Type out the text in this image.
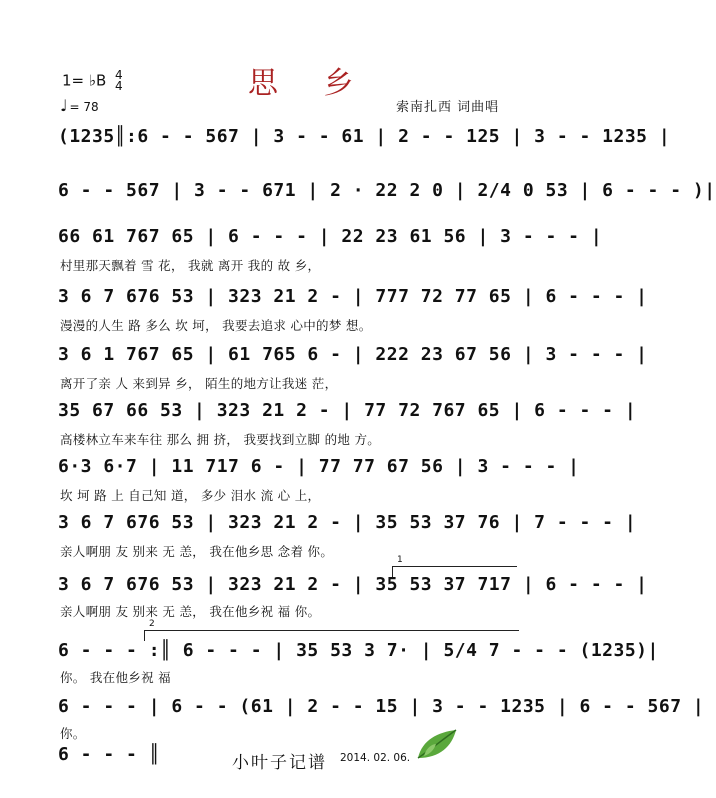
1= ♭B 4
4
♩ = 78
思 乡
索南扎西 词曲唱
1
2
(1235║:6 - - 567 | 3 - - 61 | 2 - - 125 | 3 - - 1235 |
6 - - 567 | 3 - - 671 | 2 · 22 2 0 | 2/4 0 53 | 6 - - - )|
66 61 767 65 | 6 - - - | 22 23 61 56 | 3 - - - |
村里那天飘着 雪 花， 我就 离开 我的 故 乡，
3 6 7 676 53 | 323 21 2 - | 777 72 77 65 | 6 - - - |
漫漫的人生 路 多么 坎 坷， 我要去追求 心中的梦 想。
3 6 1 767 65 | 61 765 6 - | 222 23 67 56 | 3 - - - |
离开了亲 人 来到异 乡， 陌生的地方让我迷 茫，
35 67 66 53 | 323 21 2 - | 77 72 767 65 | 6 - - - |
高楼林立车来车往 那么 拥 挤， 我要找到立脚 的地 方。
6·3 6·7 | 11 717 6 - | 77 77 67 56 | 3 - - - |
坎 坷 路 上 自己知 道， 多少 泪水 流 心 上，
3 6 7 676 53 | 323 21 2 - | 35 53 37 76 | 7 - - - |
亲人啊朋 友 别来 无 恙， 我在他乡思 念着 你。
3 6 7 676 53 | 323 21 2 - | 35 53 37 717 | 6 - - - |
亲人啊朋 友 别来 无 恙， 我在他乡祝 福 你。
6 - - - :║ 6 - - - | 35 53 3 7· | 5/4 7 - - - (1235)|
你。 我在他乡祝 福
6 - - - | 6 - - (61 | 2 - - 15 | 3 - - 1235 | 6 - - 567 |
你。
6 - - - ║	小叶子记谱 2014. 02. 06.
